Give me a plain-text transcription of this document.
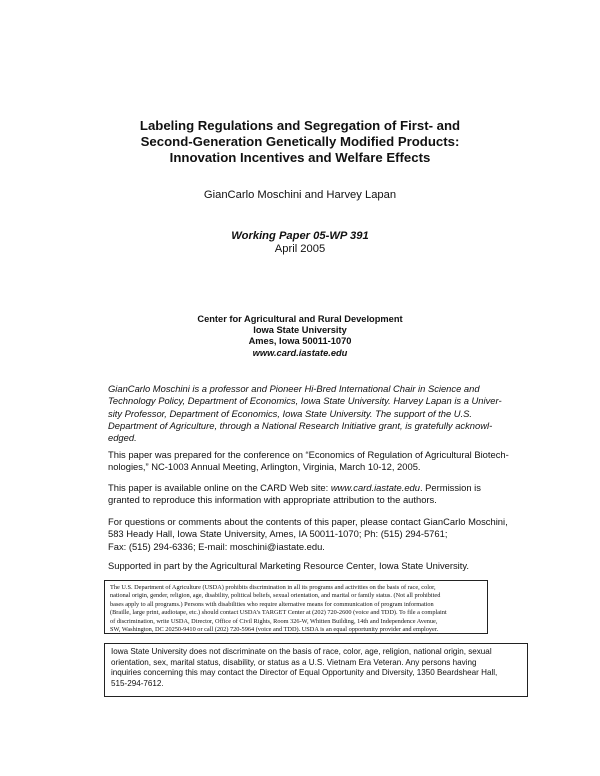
Labeling Regulations and Segregation of First- and
Second-Generation Genetically Modified Products:
Innovation Incentives and Welfare Effects
GianCarlo Moschini and Harvey Lapan
Working Paper 05-WP 391
April 2005
Center for Agricultural and Rural Development
Iowa State University
Ames, Iowa 50011-1070
www.card.iastate.edu
GianCarlo Moschini is a professor and Pioneer Hi-Bred International Chair in Science and
Technology Policy, Department of Economics, Iowa State University. Harvey Lapan is a Univer-
sity Professor, Department of Economics, Iowa State University. The support of the U.S.
Department of Agriculture, through a National Research Initiative grant, is gratefully acknowl-
edged.
This paper was prepared for the conference on “Economics of Regulation of Agricultural Biotech-
nologies,” NC-1003 Annual Meeting, Arlington, Virginia, March 10-12, 2005.
This paper is available online on the CARD Web site: www.card.iastate.edu. Permission is
granted to reproduce this information with appropriate attribution to the authors.
For questions or comments about the contents of this paper, please contact GianCarlo Moschini,
583 Heady Hall, Iowa State University, Ames, IA 50011-1070; Ph: (515) 294-5761;
Fax: (515) 294-6336; E-mail: moschini@iastate.edu.
Supported in part by the Agricultural Marketing Resource Center, Iowa State University.
The U.S. Department of Agriculture (USDA) prohibits discrimination in all its programs and activities on the basis of race, color,
national origin, gender, religion, age, disability, political beliefs, sexual orientation, and marital or family status. (Not all prohibited
bases apply to all programs.) Persons with disabilities who require alternative means for communication of program information
(Braille, large print, audiotape, etc.) should contact USDA’s TARGET Center at (202) 720-2600 (voice and TDD). To file a complaint
of discrimination, write USDA, Director, Office of Civil Rights, Room 326-W, Whitten Building, 14th and Independence Avenue,
SW, Washington, DC 20250-9410 or call (202) 720-5964 (voice and TDD). USDA is an equal opportunity provider and employer.
Iowa State University does not discriminate on the basis of race, color, age, religion, national origin, sexual
orientation, sex, marital status, disability, or status as a U.S. Vietnam Era Veteran. Any persons having
inquiries concerning this may contact the Director of Equal Opportunity and Diversity, 1350 Beardshear Hall,
515-294-7612.
